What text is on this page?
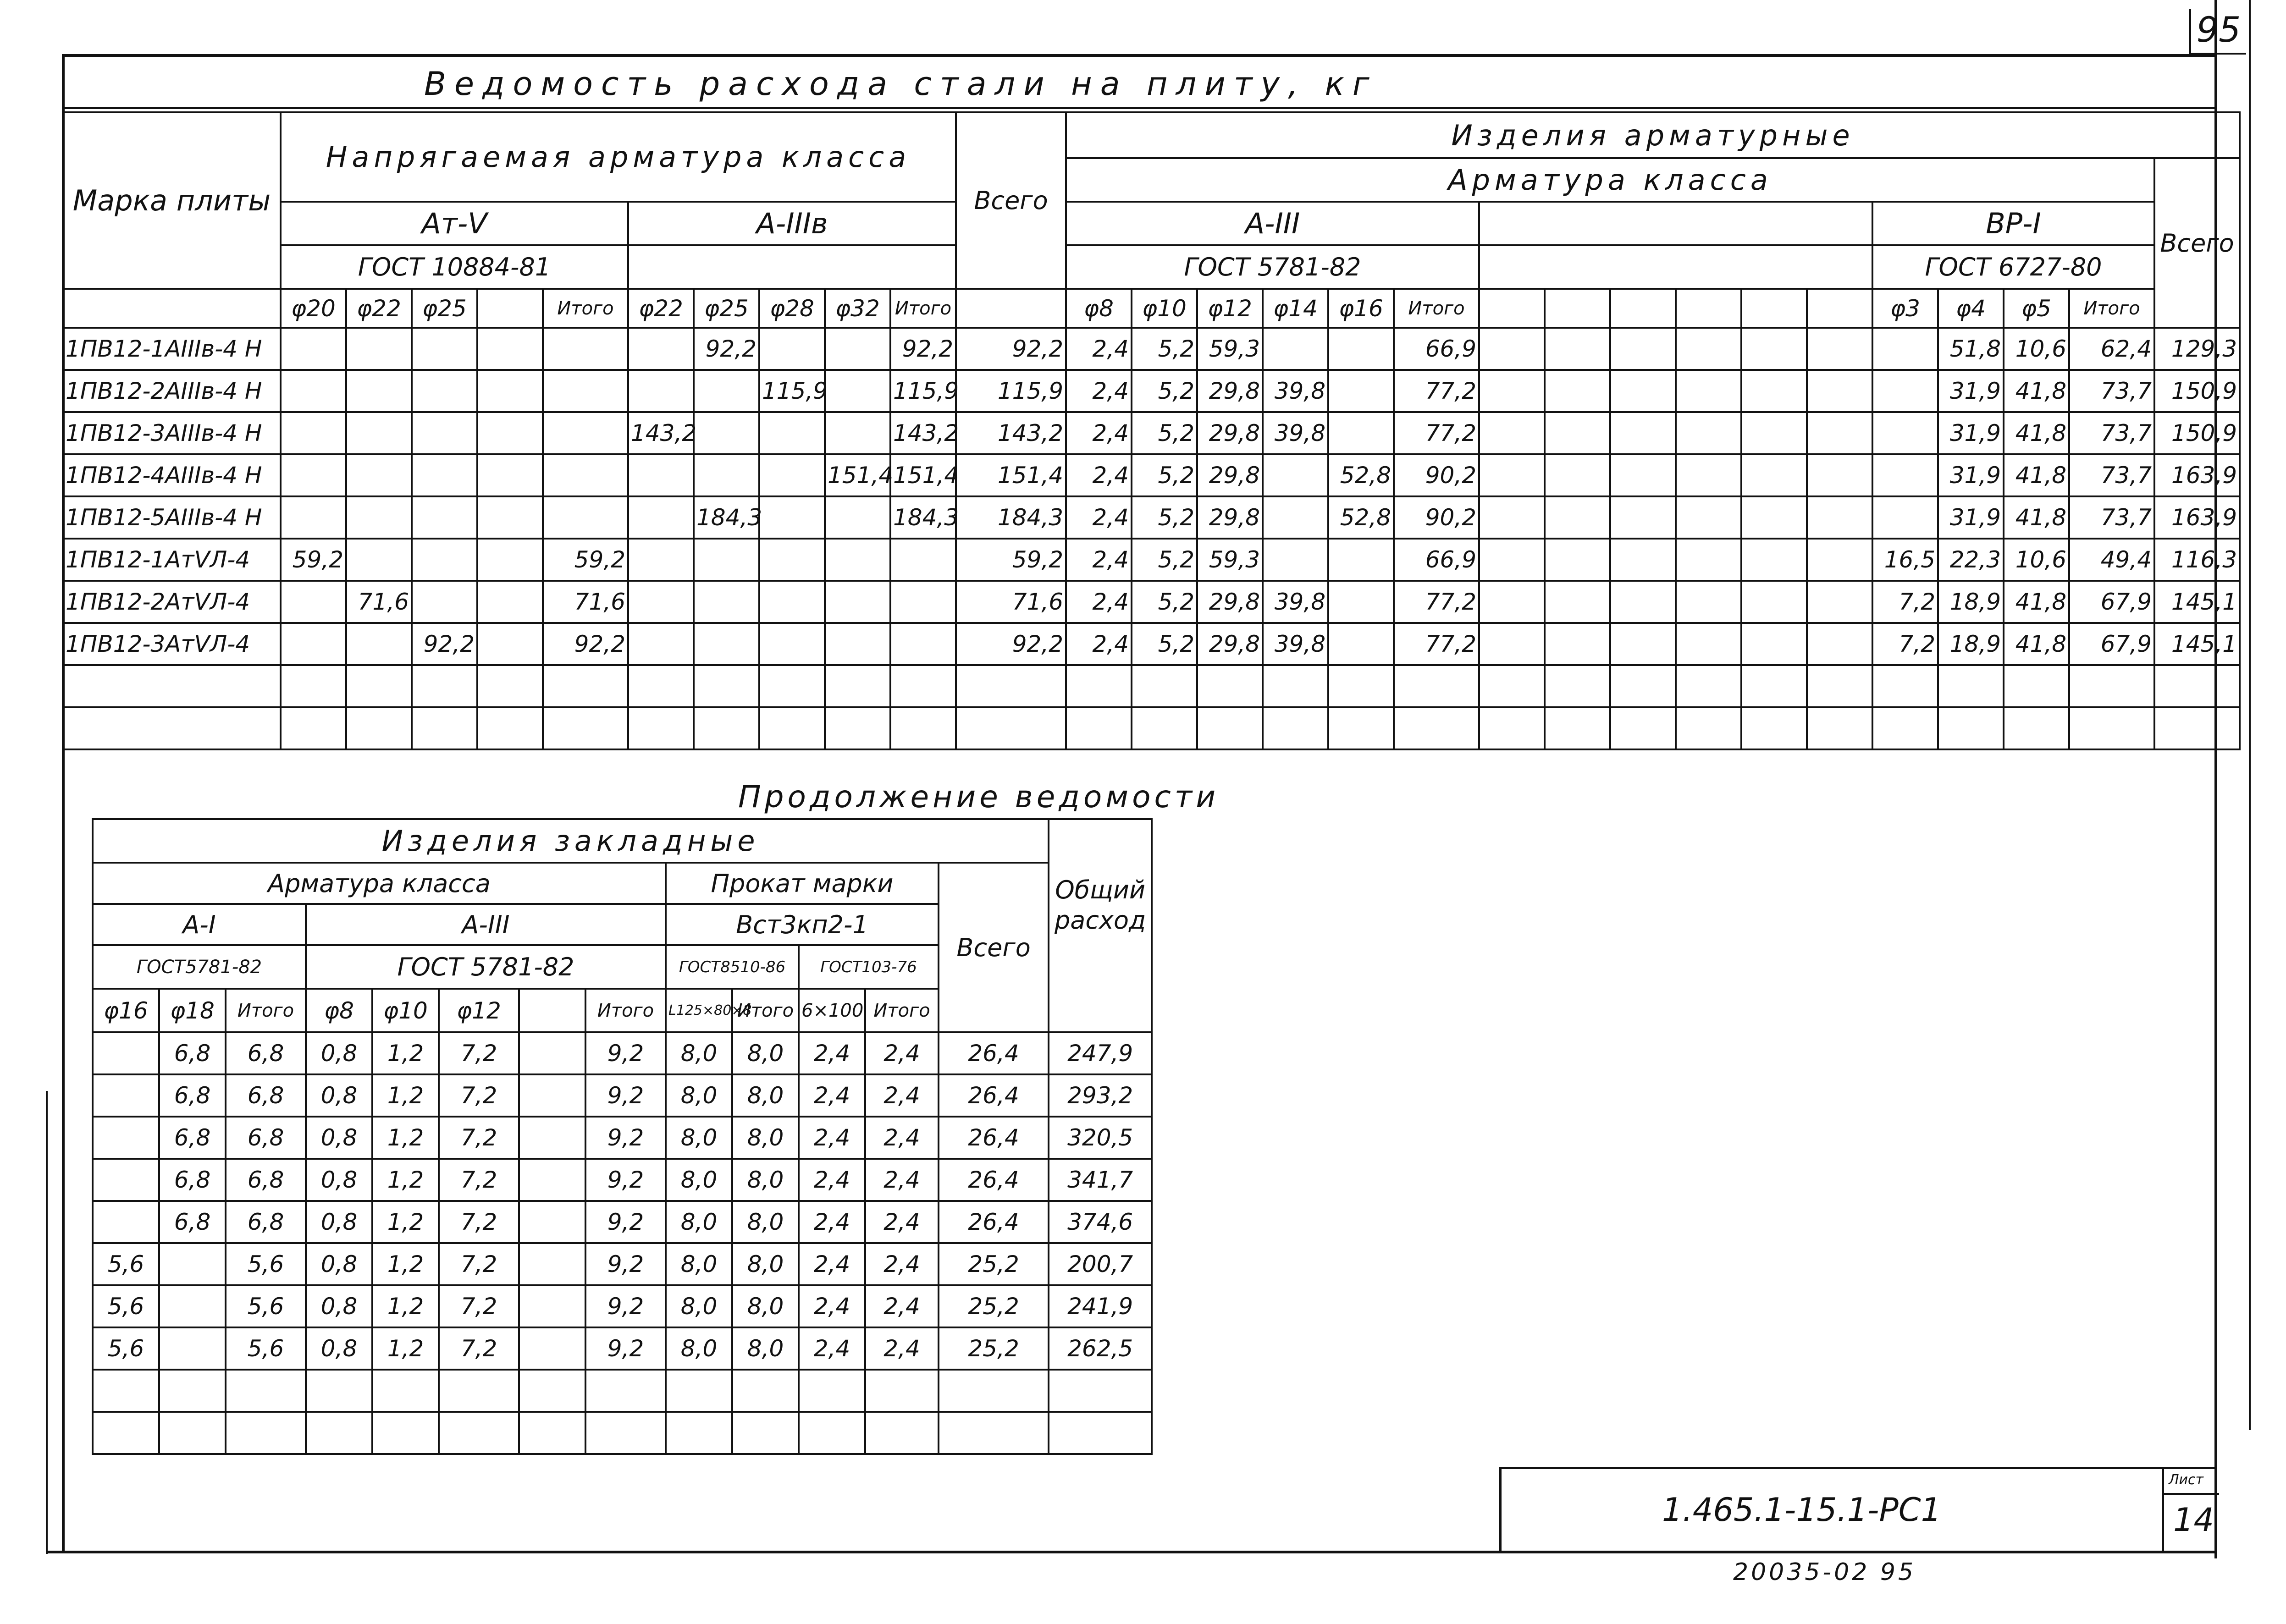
95
Ведомость расхода стали на плиту, кг
Марка плиты	Напрягаемая арматура класса										Всего	Изделия арматурные																
												Арматура класса																Всего
	Aт-V					A-IIIв						A-III												ВР-I				
	ГОСТ 10884-81											ГОСТ 5781-82												ГОСТ 6727-80				
	φ20	φ22	φ25		Итого	φ22	φ25	φ28	φ32	Итого		φ8	φ10	φ12	φ14	φ16	Итого							φ3	φ4	φ5	Итого	
1ПВ12-1AIIIв-4 Н							92,2			92,2	92,2	2,4	5,2	59,3			66,9								51,8	10,6	62,4	129,3
1ПВ12-2AIIIв-4 Н								115,9		115,9	115,9	2,4	5,2	29,8	39,8		77,2								31,9	41,8	73,7	150,9
1ПВ12-3AIIIв-4 Н						143,2				143,2	143,2	2,4	5,2	29,8	39,8		77,2								31,9	41,8	73,7	150,9
1ПВ12-4AIIIв-4 Н									151,4	151,4	151,4	2,4	5,2	29,8		52,8	90,2								31,9	41,8	73,7	163,9
1ПВ12-5AIIIв-4 Н							184,3			184,3	184,3	2,4	5,2	29,8		52,8	90,2								31,9	41,8	73,7	163,9
1ПВ12-1AтVЛ-4	59,2				59,2						59,2	2,4	5,2	59,3			66,9							16,5	22,3	10,6	49,4	116,3
1ПВ12-2AтVЛ-4		71,6			71,6						71,6	2,4	5,2	29,8	39,8		77,2							7,2	18,9	41,8	67,9	145,1
1ПВ12-3AтVЛ-4			92,2		92,2						92,2	2,4	5,2	29,8	39,8		77,2							7,2	18,9	41,8	67,9	145,1

Продолжение ведомости
Изделия закладные													Общий расход
Арматура класса								Прокат марки				Всего	
A-I			A-III					Вст3кп2-1					
ГОСТ5781-82			ГОСТ 5781-82					ГОСТ8510-86		ГОСТ103-76			
φ16	φ18	Итого	φ8	φ10	φ12		Итого	L125×80×8	Итого	6×100	Итого		
	6,8	6,8	0,8	1,2	7,2		9,2	8,0	8,0	2,4	2,4	26,4	247,9
	6,8	6,8	0,8	1,2	7,2		9,2	8,0	8,0	2,4	2,4	26,4	293,2
	6,8	6,8	0,8	1,2	7,2		9,2	8,0	8,0	2,4	2,4	26,4	320,5
	6,8	6,8	0,8	1,2	7,2		9,2	8,0	8,0	2,4	2,4	26,4	341,7
	6,8	6,8	0,8	1,2	7,2		9,2	8,0	8,0	2,4	2,4	26,4	374,6
5,6		5,6	0,8	1,2	7,2		9,2	8,0	8,0	2,4	2,4	25,2	200,7
5,6		5,6	0,8	1,2	7,2		9,2	8,0	8,0	2,4	2,4	25,2	241,9
5,6		5,6	0,8	1,2	7,2		9,2	8,0	8,0	2,4	2,4	25,2	262,5

1.465.1-15.1-РС1
Лист
14
20035-02 95
